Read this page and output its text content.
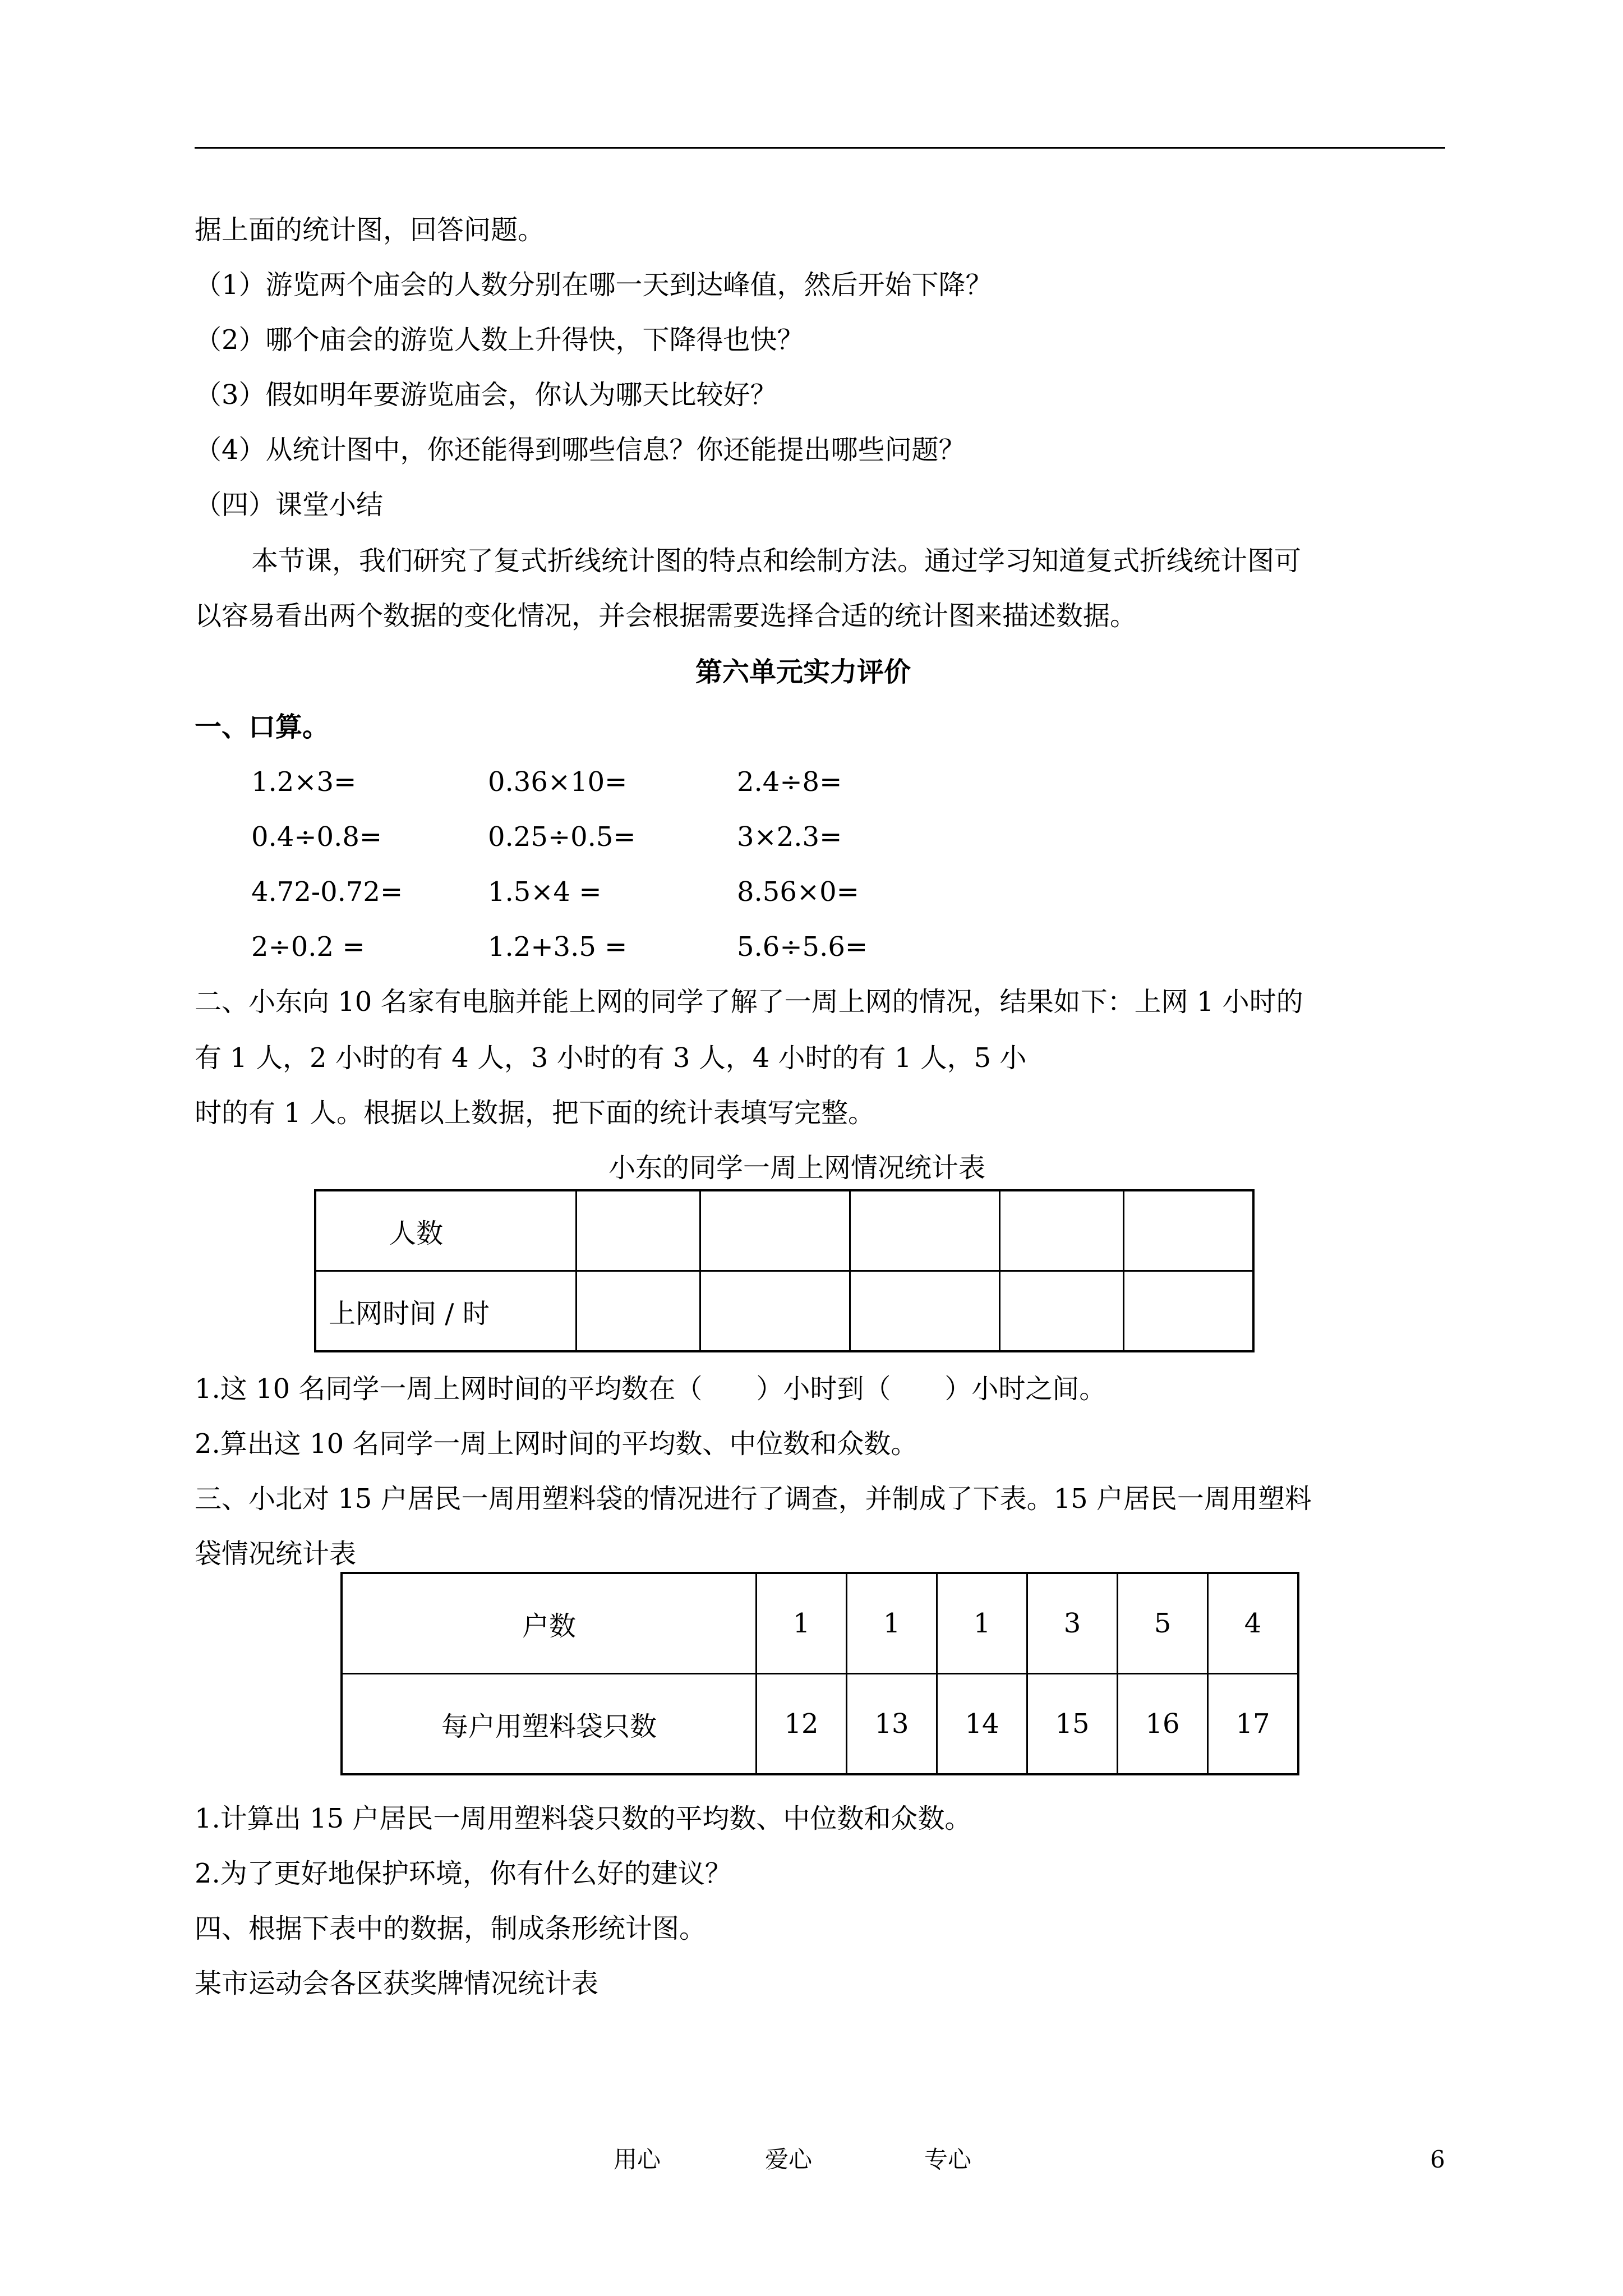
据上面的统计图，回答问题。
（1）游览两个庙会的人数分别在哪一天到达峰值，然后开始下降？
（2）哪个庙会的游览人数上升得快，下降得也快？
（3）假如明年要游览庙会，你认为哪天比较好？
（4）从统计图中，你还能得到哪些信息？你还能提出哪些问题？
（四）课堂小结
本节课，我们研究了复式折线统计图的特点和绘制方法。通过学习知道复式折线统计图可
以容易看出两个数据的变化情况，并会根据需要选择合适的统计图来描述数据。
第六单元实力评价
一、口算。
1.2×3=	0.36×10=	2.4÷8=
0.4÷0.8=	0.25÷0.5=	3×2.3=
4.72-0.72=	1.5×4 =	8.56×0=
2÷0.2 =	1.2+3.5 =	5.6÷5.6=
二、小东向 10 名家有电脑并能上网的同学了解了一周上网的情况，结果如下：上网 1 小时的
有 1 人，2 小时的有 4 人，3 小时的有 3 人，4 小时的有 1 人，5 小
时的有 1 人。根据以上数据，把下面的统计表填写完整。
小东的同学一周上网情况统计表
人数					
上网时间 / 时					
1.这 10 名同学一周上网时间的平均数在（　　）小时到（　　）小时之间。
2.算出这 10 名同学一周上网时间的平均数、中位数和众数。
三、小北对 15 户居民一周用塑料袋的情况进行了调查，并制成了下表。15 户居民一周用塑料
袋情况统计表
户数	1	1	1	3	5	4
每户用塑料袋只数	12	13	14	15	16	17
1.计算出 15 户居民一周用塑料袋只数的平均数、中位数和众数。
2.为了更好地保护环境，你有什么好的建议？
四、根据下表中的数据，制成条形统计图。
某市运动会各区获奖牌情况统计表
用心	爱心	专心	6
